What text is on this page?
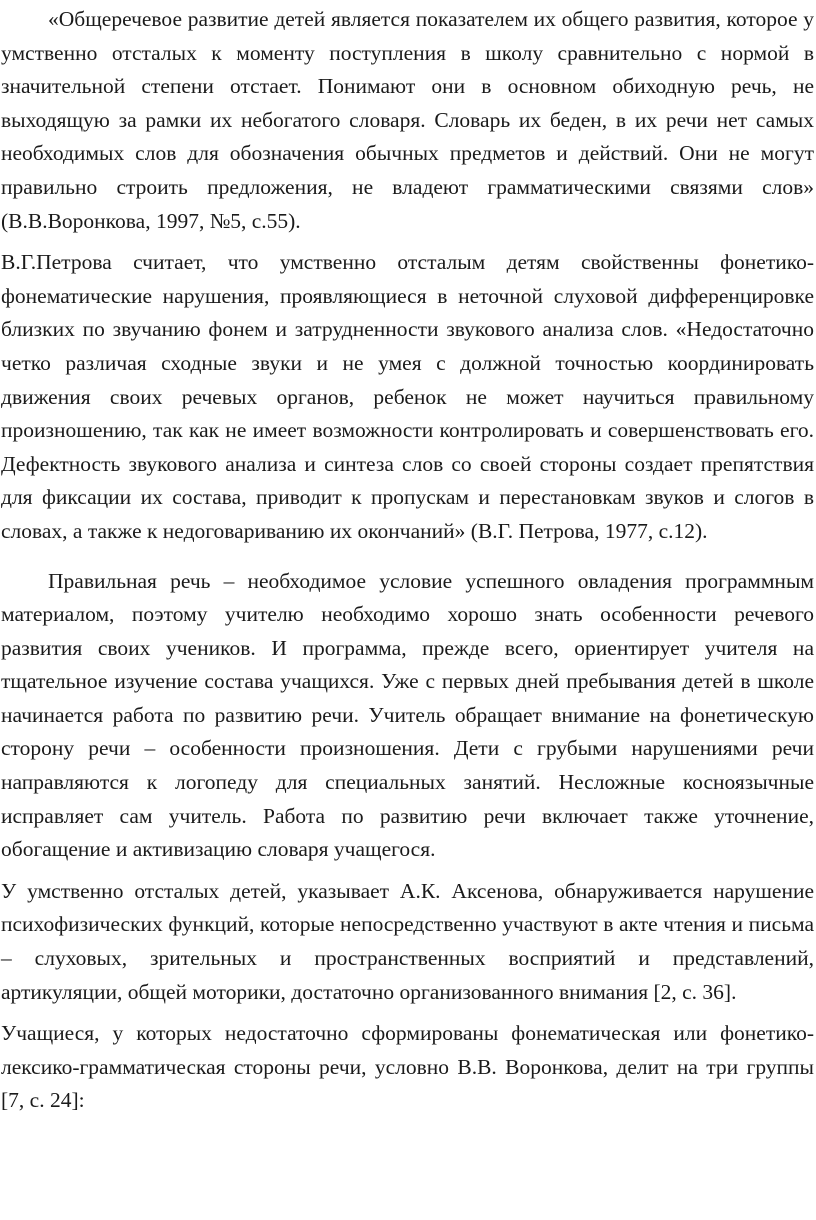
«Общеречевое развитие детей является показателем их общего развития, которое у умственно отсталых к моменту поступления в школу сравнительно с нормой в значительной степени отстает. Понимают они в основном обиходную речь, не выходящую за рамки их небогатого словаря. Словарь их беден, в их речи нет самых необходимых слов для обозначения обычных предметов и действий. Они не могут правильно строить предложения, не владеют грамматическими связями слов» (В.В.Воронкова, 1997, №5, с.55).

В.Г.Петрова считает, что умственно отсталым детям свойственны фонетико-фонематические нарушения, проявляющиеся в неточной слуховой дифференцировке близких по звучанию фонем и затрудненности звукового анализа слов. «Недостаточно четко различая сходные звуки и не умея с должной точностью координировать движения своих речевых органов, ребенок не может научиться правильному произношению, так как не имеет возможности контролировать и совершенствовать его. Дефектность звукового анализа и синтеза слов со своей стороны создает препятствия для фиксации их состава, приводит к пропускам и перестановкам звуков и слогов в словах, а также к недоговариванию их окончаний» (В.Г. Петрова, 1977, с.12).

Правильная речь – необходимое условие успешного овладения программным материалом, поэтому учителю необходимо хорошо знать особенности речевого развития своих учеников. И программа, прежде всего, ориентирует учителя на тщательное изучение состава учащихся. Уже с первых дней пребывания детей в школе начинается работа по развитию речи. Учитель обращает внимание на фонетическую сторону речи – особенности произношения. Дети с грубыми нарушениями речи направляются к логопеду для специальных занятий. Несложные косноязычные исправляет сам учитель. Работа по развитию речи включает также уточнение, обогащение и активизацию словаря учащегося.

У умственно отсталых детей, указывает А.К. Аксенова, обнаруживается нарушение психофизических функций, которые непосредственно участвуют в акте чтения и письма – слуховых, зрительных и пространственных восприятий и представлений, артикуляции, общей моторики, достаточно организованного внимания [2, с. 36].

Учащиеся, у которых недостаточно сформированы фонематическая или фонетико-лексико-грамматическая стороны речи, условно В.В. Воронкова, делит на три группы [7, с. 24]:
